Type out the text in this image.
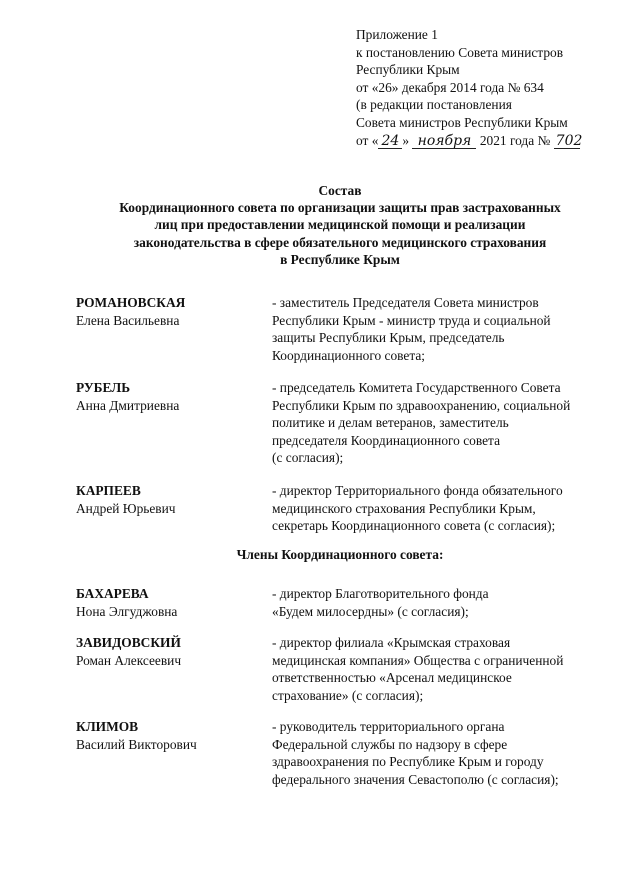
Приложение 1
к постановлению Совета министров
Республики Крым
от «26» декабря 2014 года № 634
(в редакции постановления
Совета министров Республики Крым
от « 24 » ноября 2021 года № 702
Состав
Координационного совета по организации защиты прав застрахованных
лиц при предоставлении медицинской помощи и реализации
законодательства в сфере обязательного медицинского страхования
в Республике Крым
РОМАНОВСКАЯ
Елена Васильевна
- заместитель Председателя Совета министров
Республики Крым - министр труда и социальной
защиты Республики Крым, председатель
Координационного совета;
РУБЕЛЬ
Анна Дмитриевна
- председатель Комитета Государственного Совета
Республики Крым по здравоохранению, социальной
политике и делам ветеранов, заместитель
председателя Координационного совета
(с согласия);
КАРПЕЕВ
Андрей Юрьевич
- директор Территориального фонда обязательного
медицинского страхования Республики Крым,
секретарь Координационного совета (с согласия);
Члены Координационного совета:
БАХАРЕВА
Нона Элгуджовна
- директор Благотворительного фонда
«Будем милосердны» (с согласия);
ЗАВИДОВСКИЙ
Роман Алексеевич
- директор филиала «Крымская страховая
медицинская компания» Общества с ограниченной
ответственностью «Арсенал медицинское
страхование» (с согласия);
КЛИМОВ
Василий Викторович
- руководитель территориального органа
Федеральной службы по надзору в сфере
здравоохранения по Республике Крым и городу
федерального значения Севастополю (с согласия);
